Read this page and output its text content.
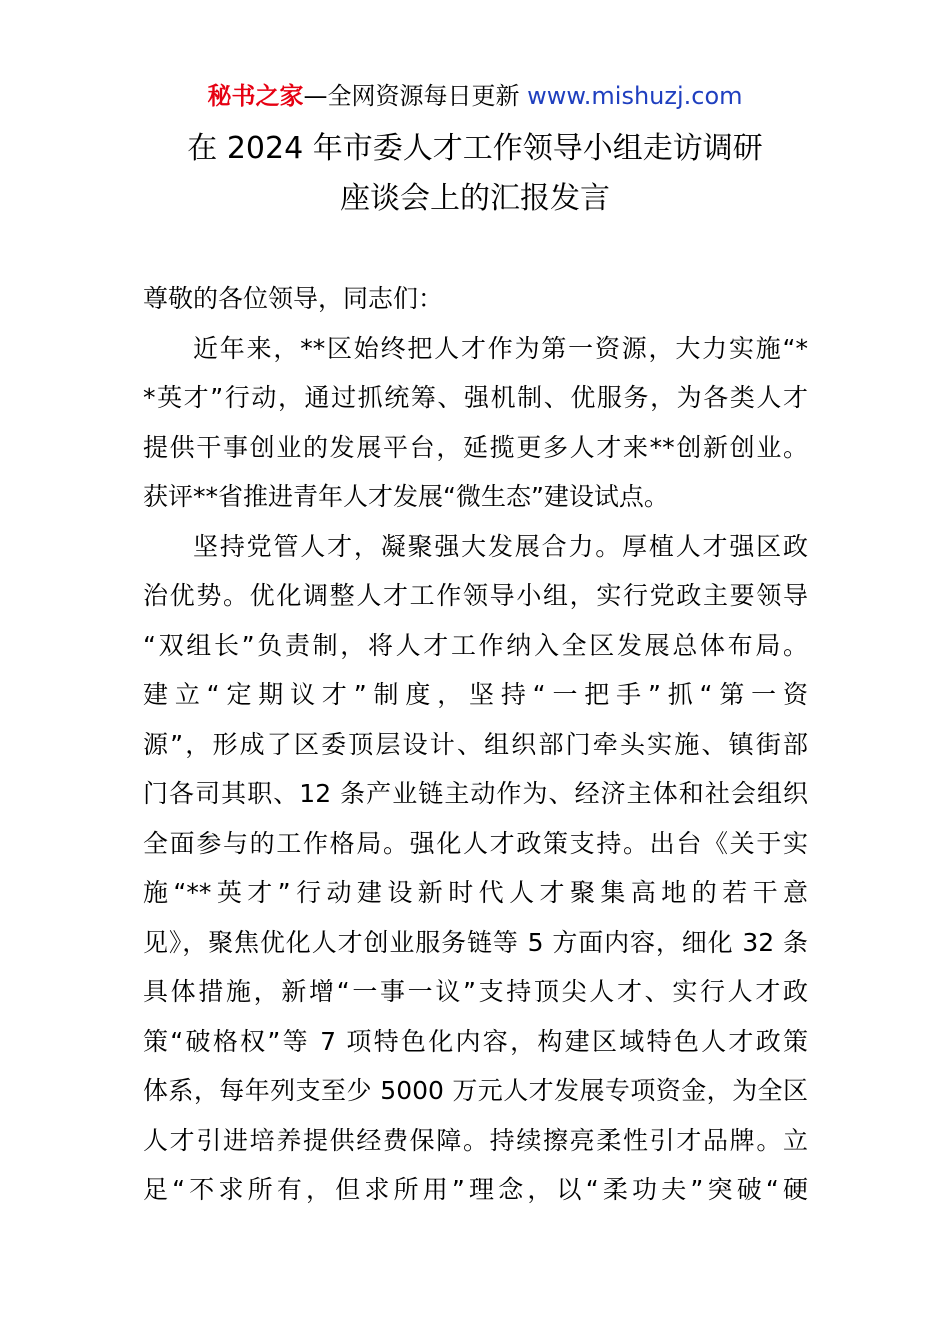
秘书之家—全网资源每日更新 www.mishuzj.com
在 2024 年市委人才工作领导小组走访调研
座谈会上的汇报发言
尊敬的各位领导，同志们：
近年来，**区始终把人才作为第一资源，大力实施“*
*英才”行动，通过抓统筹、强机制、优服务，为各类人才
提供干事创业的发展平台，延揽更多人才来**创新创业。
获评**省推进青年人才发展“微生态”建设试点。
坚持党管人才，凝聚强大发展合力。厚植人才强区政
治优势。优化调整人才工作领导小组，实行党政主要领导
“双组长”负责制，将人才工作纳入全区发展总体布局。
建立“定期议才”制度，坚持“一把手”抓“第一资
源”，形成了区委顶层设计、组织部门牵头实施、镇街部
门各司其职、12 条产业链主动作为、经济主体和社会组织
全面参与的工作格局。强化人才政策支持。出台《关于实
施“**英才”行动建设新时代人才聚集高地的若干意
见》，聚焦优化人才创业服务链等 5 方面内容，细化 32 条
具体措施，新增“一事一议”支持顶尖人才、实行人才政
策“破格权”等 7 项特色化内容，构建区域特色人才政策
体系，每年列支至少 5000 万元人才发展专项资金，为全区
人才引进培养提供经费保障。持续擦亮柔性引才品牌。立
足“不求所有，但求所用”理念，以“柔功夫”突破“硬
